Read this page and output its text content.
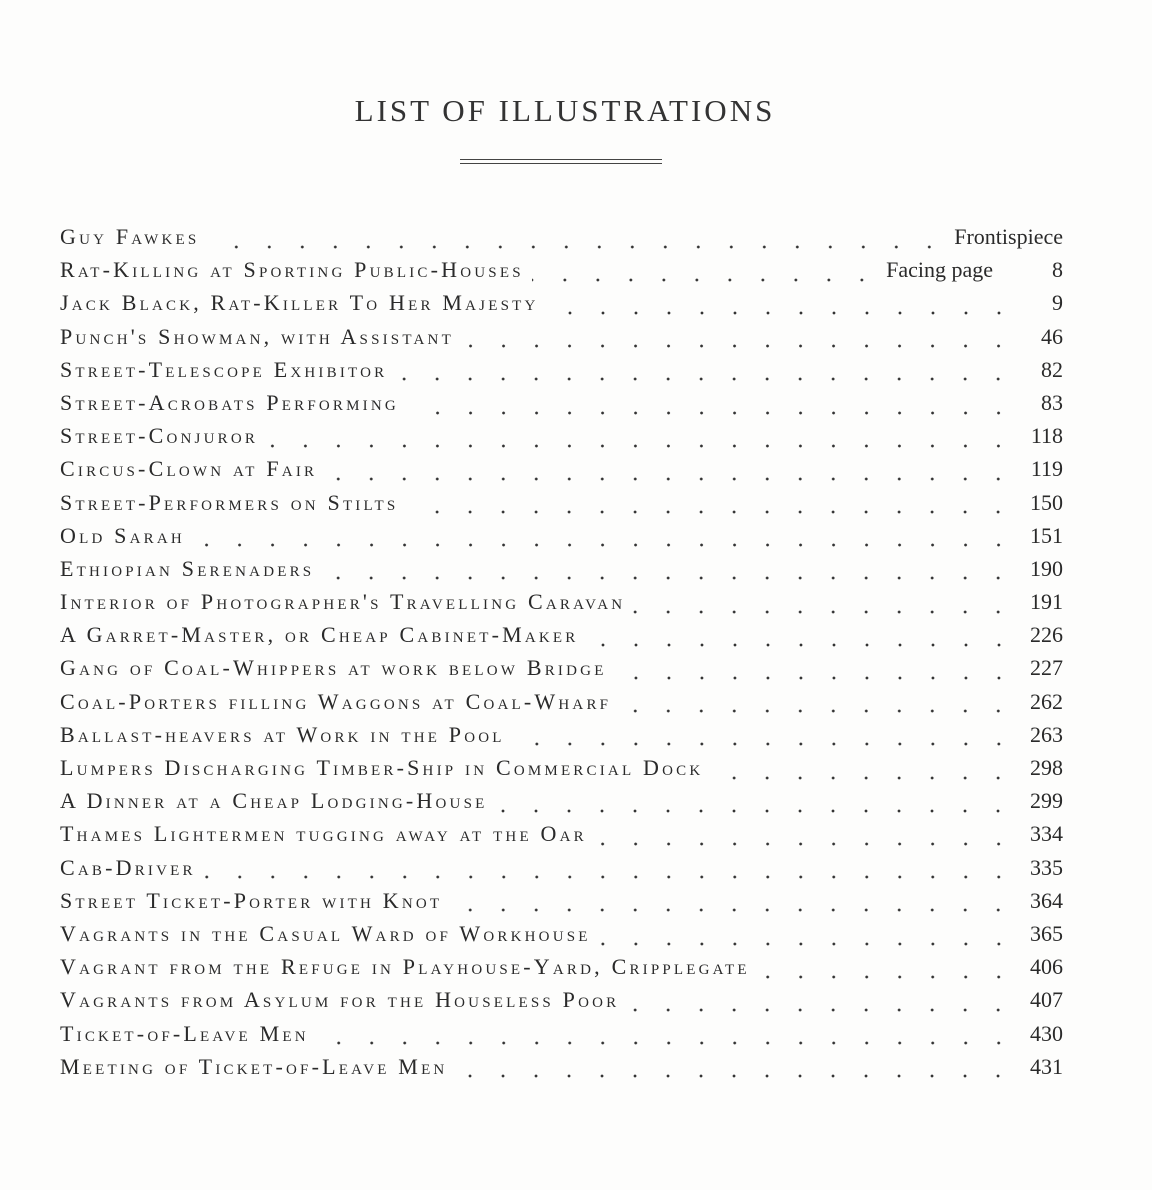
LIST OF ILLUSTRATIONS
Guy Fawkes	Frontispiece
Rat-Killing at Sporting Public-Houses	Facing page	8
Jack Black, Rat-Killer To Her Majesty	9
Punch's Showman, with Assistant	46
Street-Telescope Exhibitor	82
Street-Acrobats Performing	83
Street-Conjuror	118
Circus-Clown at Fair	119
Street-Performers on Stilts	150
Old Sarah	151
Ethiopian Serenaders	190
Interior of Photographer's Travelling Caravan	191
A Garret-Master, or Cheap Cabinet-Maker	226
Gang of Coal-Whippers at work below Bridge	227
Coal-Porters filling Waggons at Coal-Wharf	262
Ballast-heavers at Work in the Pool	263
Lumpers Discharging Timber-Ship in Commercial Dock	298
A Dinner at a Cheap Lodging-House	299
Thames Lightermen tugging away at the Oar	334
Cab-Driver	335
Street Ticket-Porter with Knot	364
Vagrants in the Casual Ward of Workhouse	365
Vagrant from the Refuge in Playhouse-Yard, Cripplegate	406
Vagrants from Asylum for the Houseless Poor	407
Ticket-of-Leave Men	430
Meeting of Ticket-of-Leave Men	431
